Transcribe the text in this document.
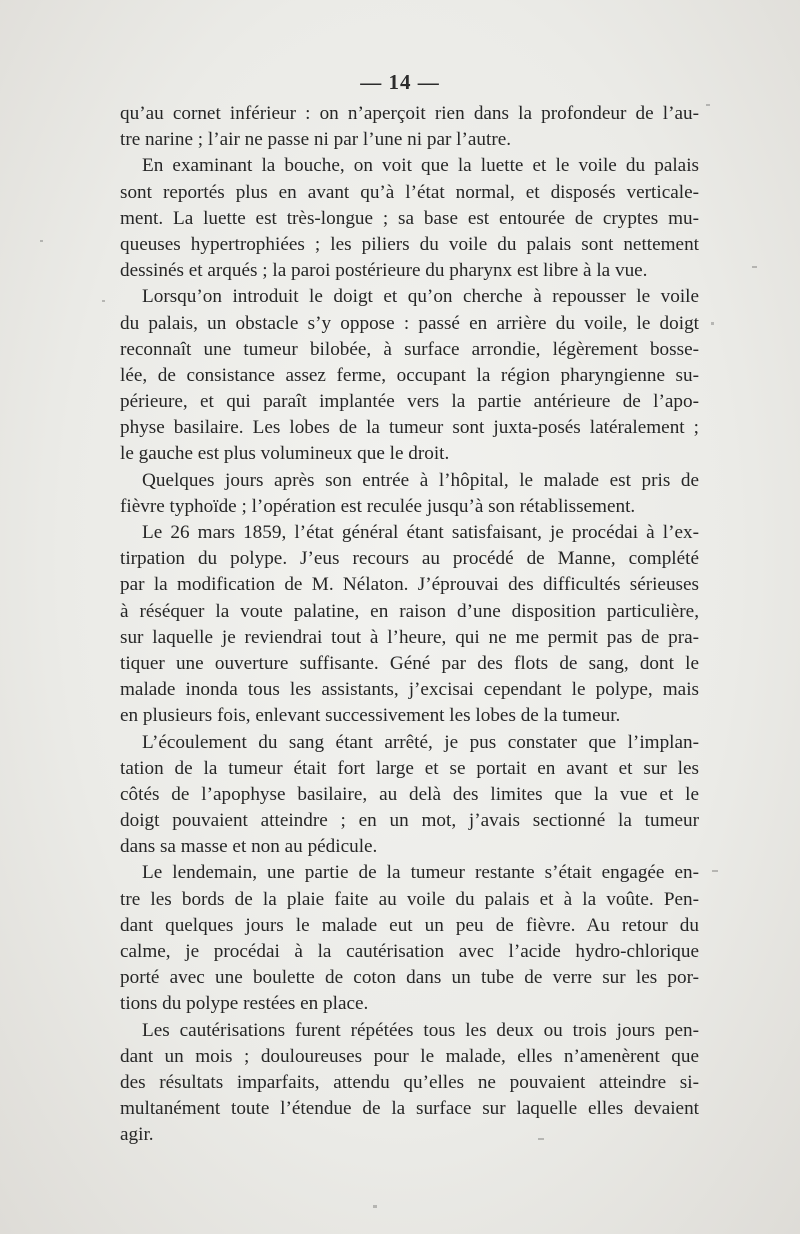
— 14 —
qu’au cornet inférieur : on n’aperçoit rien dans la profondeur de l’au-
tre narine ; l’air ne passe ni par l’une ni par l’autre.
En examinant la bouche, on voit que la luette et le voile du palais
sont reportés plus en avant qu’à l’état normal, et disposés verticale-
ment. La luette est très-longue ; sa base est entourée de cryptes mu-
queuses hypertrophiées ; les piliers du voile du palais sont nettement
dessinés et arqués ; la paroi postérieure du pharynx est libre à la vue.
Lorsqu’on introduit le doigt et qu’on cherche à repousser le voile
du palais, un obstacle s’y oppose : passé en arrière du voile, le doigt
reconnaît une tumeur bilobée, à surface arrondie, légèrement bosse-
lée, de consistance assez ferme, occupant la région pharyngienne su-
périeure, et qui paraît implantée vers la partie antérieure de l’apo-
physe basilaire. Les lobes de la tumeur sont juxta-posés latéralement ;
le gauche est plus volumineux que le droit.
Quelques jours après son entrée à l’hôpital, le malade est pris de
fièvre typhoïde ; l’opération est reculée jusqu’à son rétablissement.
Le 26 mars 1859, l’état général étant satisfaisant, je procédai à l’ex-
tirpation du polype. J’eus recours au procédé de Manne, complété
par la modification de M. Nélaton. J’éprouvai des difficultés sérieuses
à réséquer la voute palatine, en raison d’une disposition particulière,
sur laquelle je reviendrai tout à l’heure, qui ne me permit pas de pra-
tiquer une ouverture suffisante. Géné par des flots de sang, dont le
malade inonda tous les assistants, j’excisai cependant le polype, mais
en plusieurs fois, enlevant successivement les lobes de la tumeur.
L’écoulement du sang étant arrêté, je pus constater que l’implan-
tation de la tumeur était fort large et se portait en avant et sur les
côtés de l’apophyse basilaire, au delà des limites que la vue et le
doigt pouvaient atteindre ; en un mot, j’avais sectionné la tumeur
dans sa masse et non au pédicule.
Le lendemain, une partie de la tumeur restante s’était engagée en-
tre les bords de la plaie faite au voile du palais et à la voûte. Pen-
dant quelques jours le malade eut un peu de fièvre. Au retour du
calme, je procédai à la cautérisation avec l’acide hydro-chlorique
porté avec une boulette de coton dans un tube de verre sur les por-
tions du polype restées en place.
Les cautérisations furent répétées tous les deux ou trois jours pen-
dant un mois ; douloureuses pour le malade, elles n’amenèrent que
des résultats imparfaits, attendu qu’elles ne pouvaient atteindre si-
multanément toute l’étendue de la surface sur laquelle elles devaient
agir.
